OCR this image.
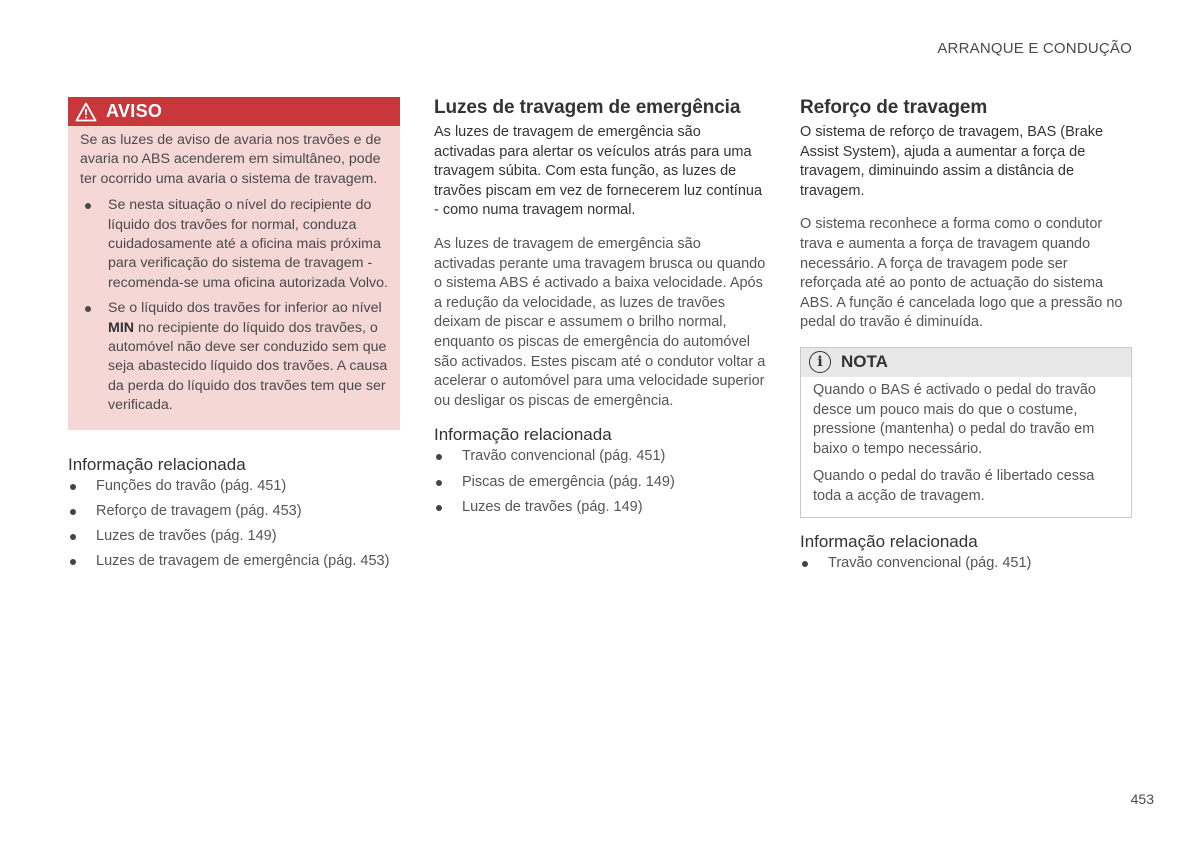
ARRANQUE E CONDUÇÃO
AVISO

Se as luzes de aviso de avaria nos travões e de avaria no ABS acenderem em simultâneo, pode ter ocorrido uma avaria o sistema de travagem.

Se nesta situação o nível do recipiente do líquido dos travões for normal, conduza cuidadosamente até a oficina mais próxima para verificação do sistema de travagem - recomenda-se uma oficina autorizada Volvo.
Se o líquido dos travões for inferior ao nível MIN no recipiente do líquido dos travões, o automóvel não deve ser conduzido sem que seja abastecido líquido dos travões. A causa da perda do líquido dos travões tem que ser verificada.
Informação relacionada
Funções do travão (pág. 451)
Reforço de travagem (pág. 453)
Luzes de travões (pág. 149)
Luzes de travagem de emergência (pág. 453)
Luzes de travagem de emergência

As luzes de travagem de emergência são activadas para alertar os veículos atrás para uma travagem súbita. Com esta função, as luzes de travões piscam em vez de fornecerem luz contínua - como numa travagem normal.

As luzes de travagem de emergência são activadas perante uma travagem brusca ou quando o sistema ABS é activado a baixa velocidade. Após a redução da velocidade, as luzes de travões deixam de piscar e assumem o brilho normal, enquanto os piscas de emergência do automóvel são activados. Estes piscam até o condutor voltar a acelerar o automóvel para uma velocidade superior ou desligar os piscas de emergência.

Informação relacionada
Travão convencional (pág. 451)
Piscas de emergência (pág. 149)
Luzes de travões (pág. 149)
Reforço de travagem

O sistema de reforço de travagem, BAS (Brake Assist System), ajuda a aumentar a força de travagem, diminuindo assim a distância de travagem.

O sistema reconhece a forma como o condutor trava e aumenta a força de travagem quando necessário. A força de travagem pode ser reforçada até ao ponto de actuação do sistema ABS. A função é cancelada logo que a pressão no pedal do travão é diminuída.

i	NOTA

Quando o BAS é activado o pedal do travão desce um pouco mais do que o costume, pressione (mantenha) o pedal do travão em baixo o tempo necessário.

Quando o pedal do travão é libertado cessa toda a acção de travagem.

Informação relacionada
Travão convencional (pág. 451)
453
